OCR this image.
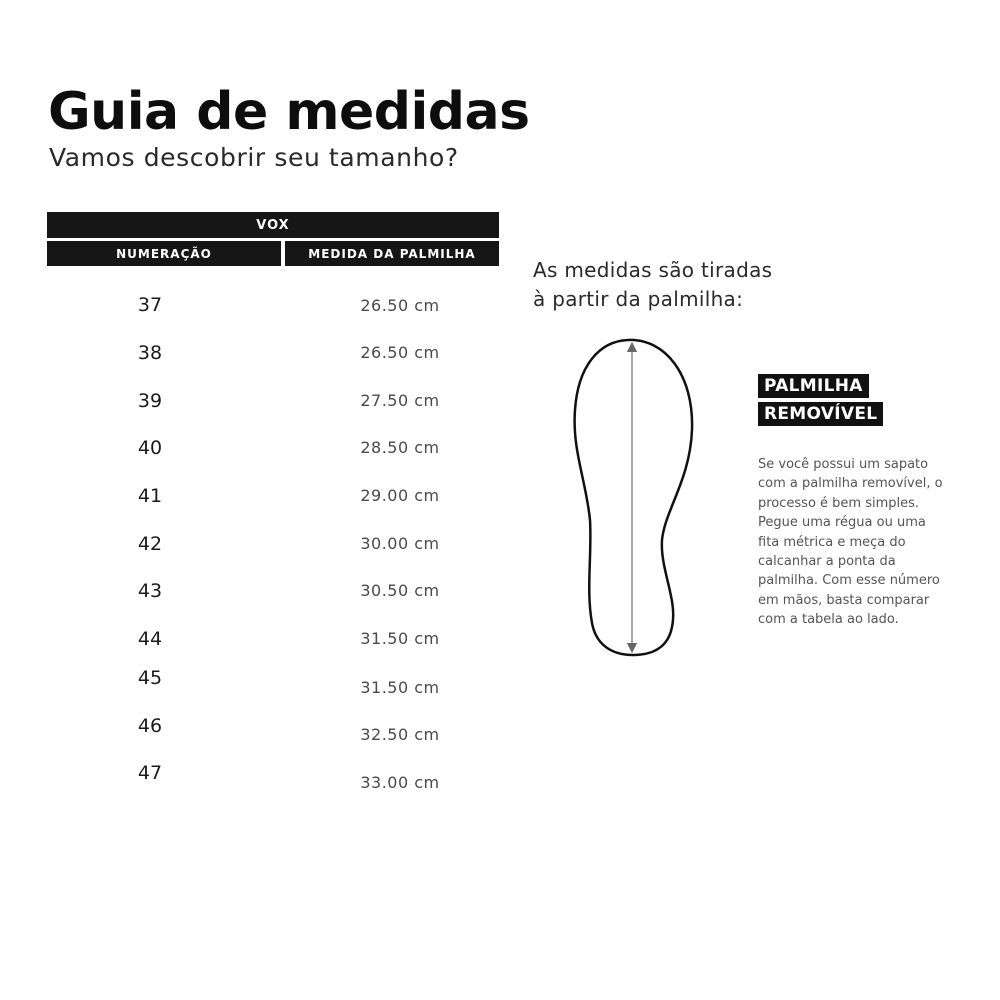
Guia de medidas
Vamos descobrir seu tamanho?
VOX
NUMERAÇÃO	MEDIDA DA PALMILHA
37	26.50 cm
38	26.50 cm
39	27.50 cm
40	28.50 cm
41	29.00 cm
42	30.00 cm
43	30.50 cm
44	31.50 cm
45	31.50 cm
46	32.50 cm
47	33.00 cm
As medidas são tiradas
à partir da palmilha:
PALMILHA
REMOVÍVEL

Se você possui um sapato com a palmilha removível, o processo é bem simples. Pegue uma régua ou uma fita métrica e meça do calcanhar a ponta da palmilha. Com esse número em mãos, basta comparar com a tabela ao lado.
